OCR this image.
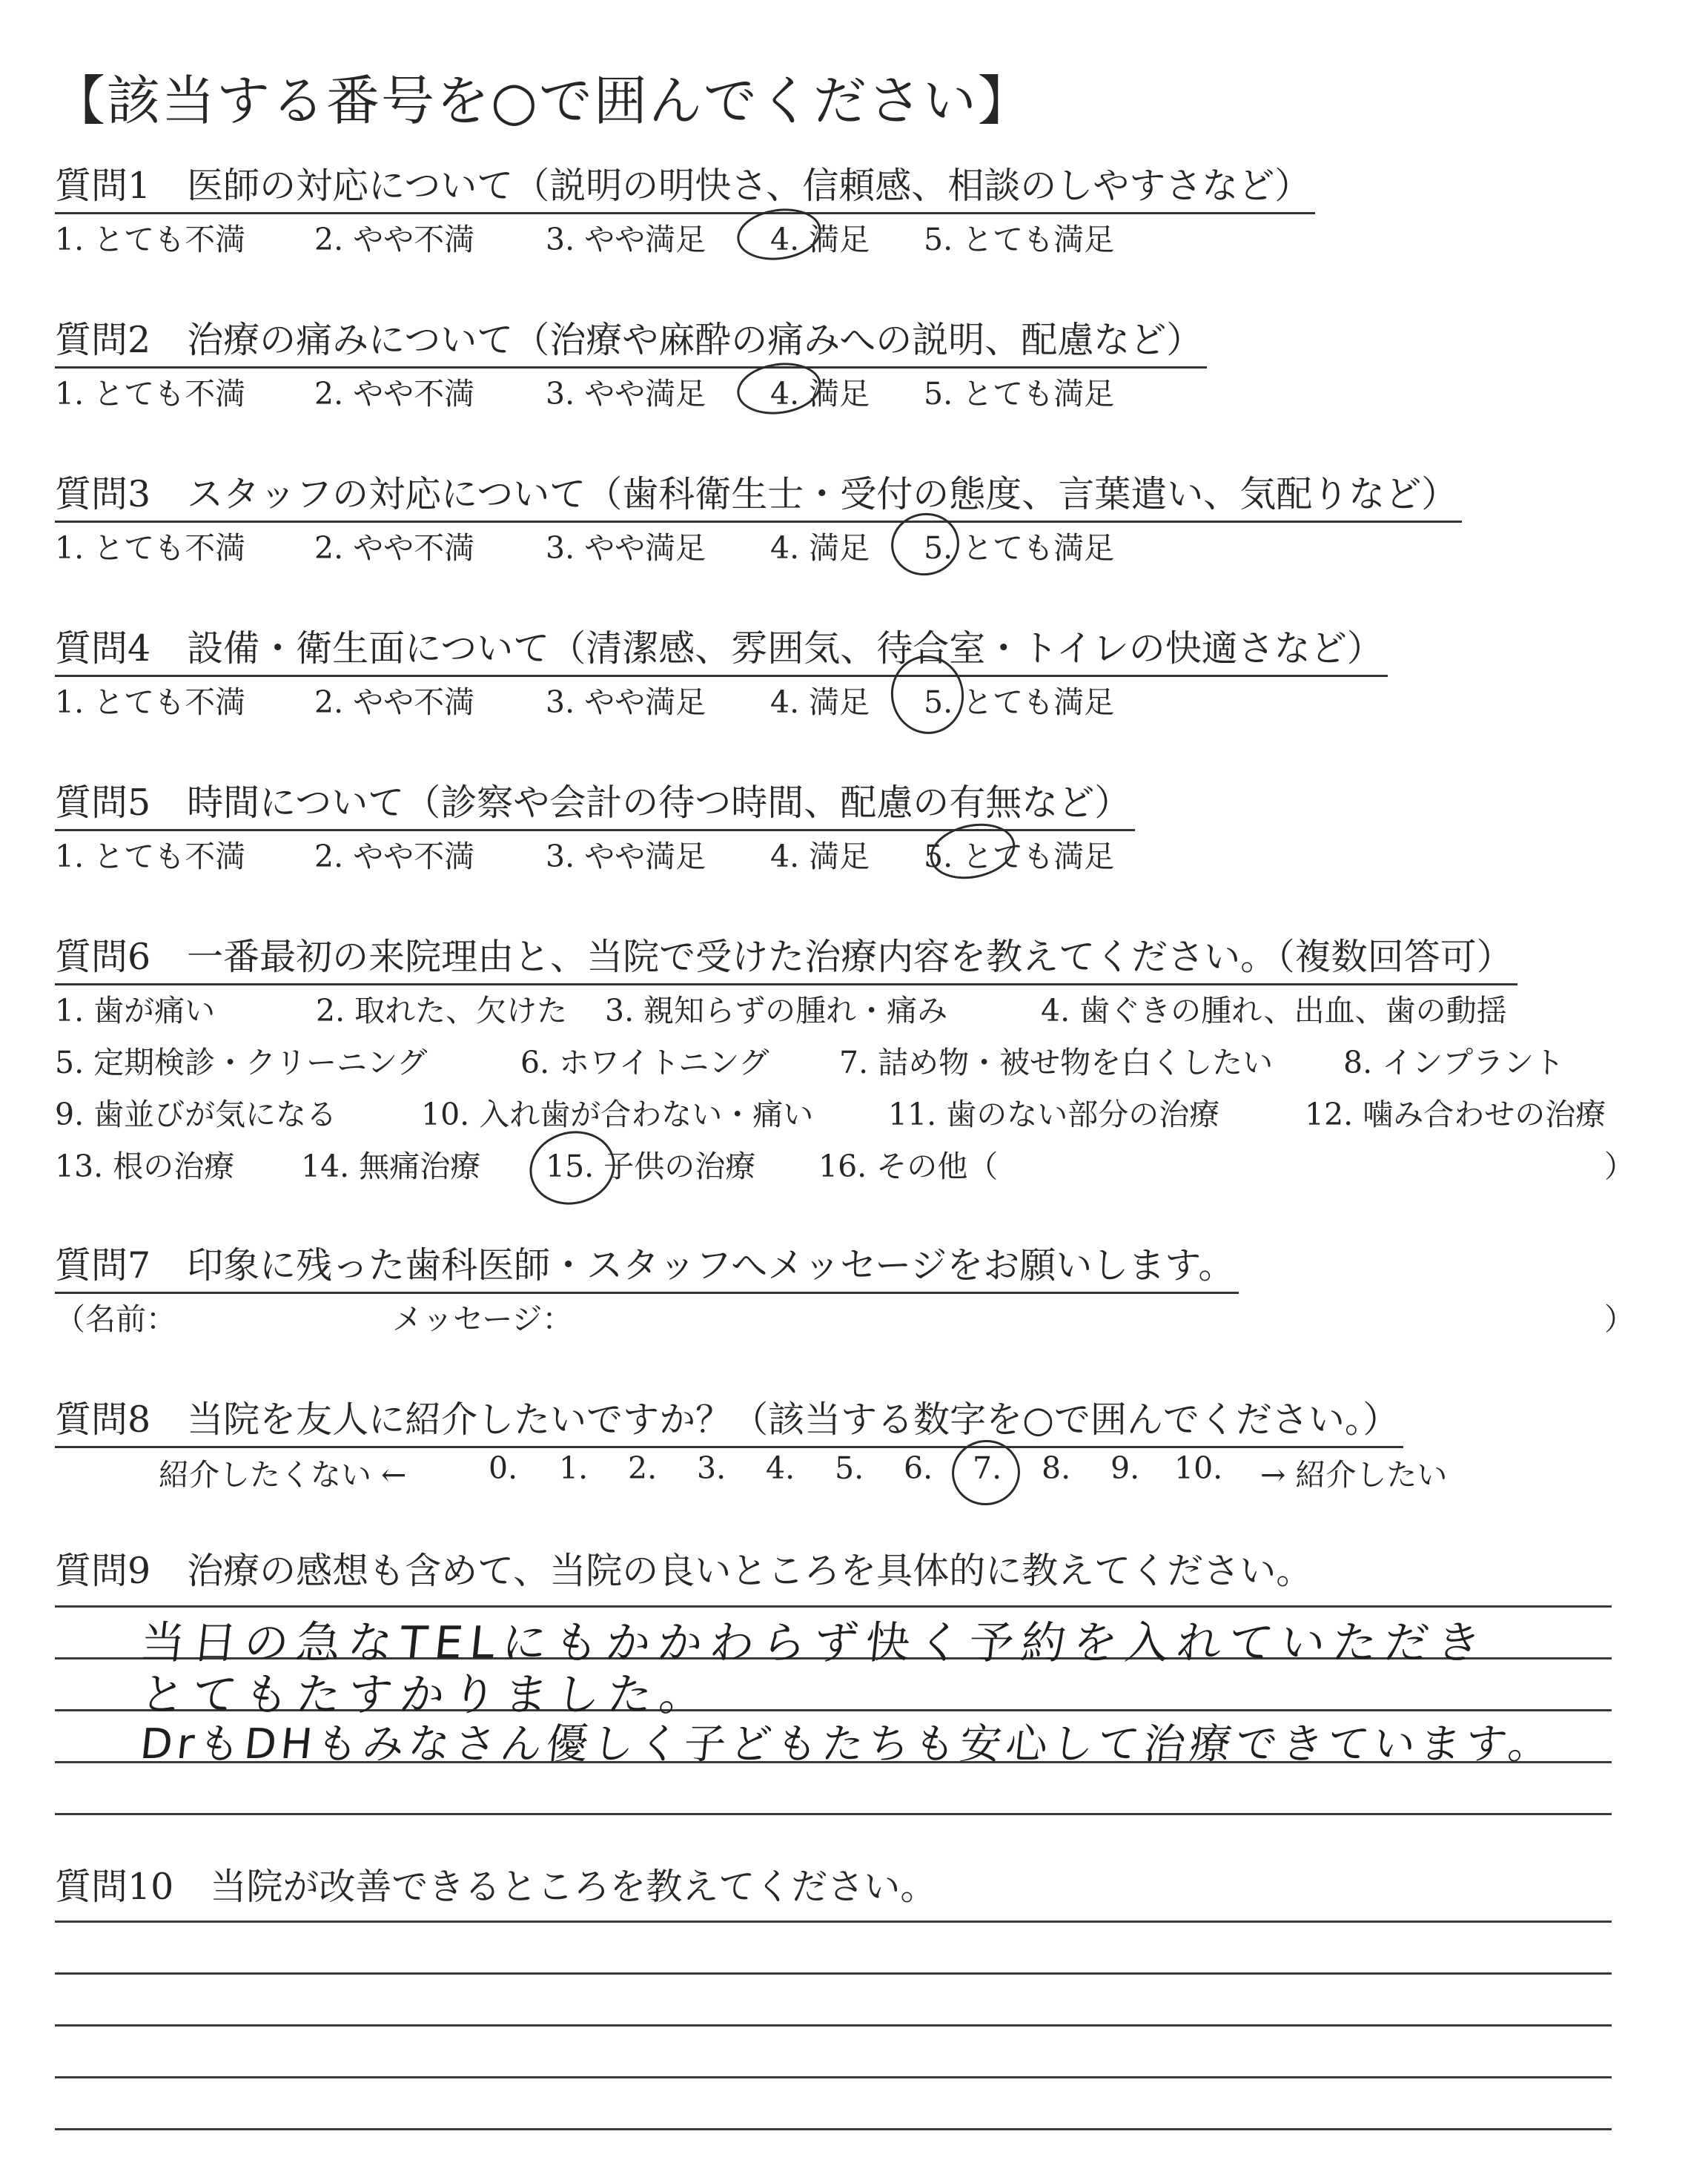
【該当する番号を○で囲んでください】
質問1　医師の対応について（説明の明快さ、信頼感、相談のしやすさなど）
1. とても不満 2. やや不満 3. やや満足 4. 満足 5. とても満足
質問2　治療の痛みについて（治療や麻酔の痛みへの説明、配慮など）
1. とても不満 2. やや不満 3. やや満足 4. 満足 5. とても満足
質問3　スタッフの対応について（歯科衛生士・受付の態度、言葉遣い、気配りなど）
1. とても不満 2. やや不満 3. やや満足 4. 満足 5. とても満足
質問4　設備・衛生面について（清潔感、雰囲気、待合室・トイレの快適さなど）
1. とても不満 2. やや不満 3. やや満足 4. 満足 5. とても満足
質問5　時間について（診察や会計の待つ時間、配慮の有無など）
1. とても不満 2. やや不満 3. やや満足 4. 満足 5. とても満足
質問6　一番最初の来院理由と、当院で受けた治療内容を教えてください。（複数回答可）
1. 歯が痛い	2. 取れた、欠けた 3. 親知らずの腫れ・痛み	4. 歯ぐきの腫れ、出血、歯の動揺
5. 定期検診・クリーニング	6. ホワイトニング 7. 詰め物・被せ物を白くしたい 8. インプラント
9. 歯並びが気になる	10. 入れ歯が合わない・痛い 11. 歯のない部分の治療	12. 噛み合わせの治療
13. 根の治療 14. 無痛治療 15. 子供の治療 16. その他（	）
質問7　印象に残った歯科医師・スタッフへメッセージをお願いします。
（名前：	メッセージ：	）
質問8　当院を友人に紹介したいですか？（該当する数字を○で囲んでください。）
紹介したくない ←	0. 1. 2. 3. 4. 5. 6. 7. 8. 9. 10. → 紹介したい
質問9　治療の感想も含めて、当院の良いところを具体的に教えてください。
当日の急なTELにもかかわらず快く予約を入れていただき
とてもたすかりました。
DrもDHもみなさん優しく子どもたちも安心して治療できています。
質問10　当院が改善できるところを教えてください。
